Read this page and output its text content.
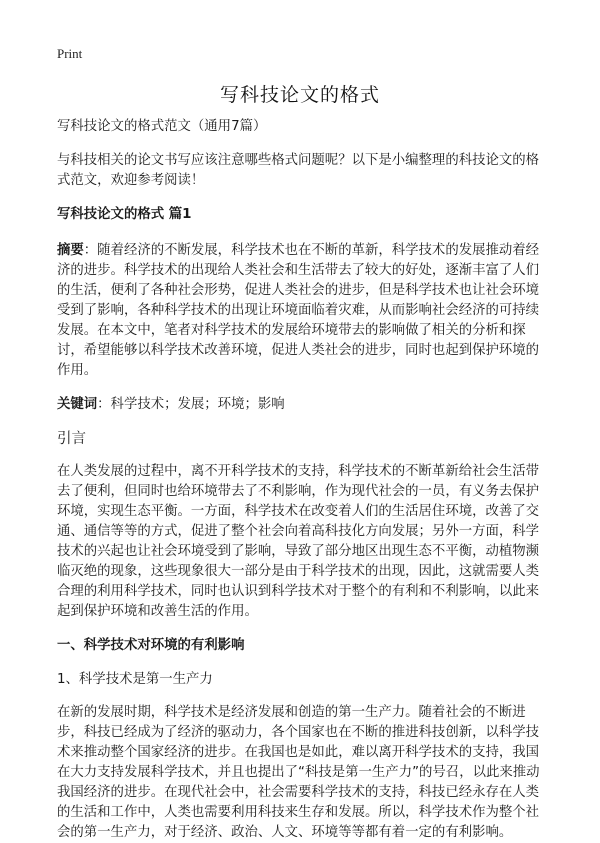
Print
写科技论文的格式

写科技论文的格式范文（通用7篇）

与科技相关的论文书写应该注意哪些格式问题呢？以下是小编整理的科技论文的格式范文，欢迎参考阅读！

写科技论文的格式 篇1

摘要：随着经济的不断发展，科学技术也在不断的革新，科学技术的发展推动着经济的进步。科学技术的出现给人类社会和生活带去了较大的好处，逐渐丰富了人们的生活，便利了各种社会形势，促进人类社会的进步，但是科学技术也让社会环境受到了影响，各种科学技术的出现让环境面临着灾难，从而影响社会经济的可持续发展。在本文中，笔者对科学技术的发展给环境带去的影响做了相关的分析和探讨，希望能够以科学技术改善环境，促进人类社会的进步，同时也起到保护环境的作用。

关键词：科学技术；发展；环境；影响

引言

在人类发展的过程中，离不开科学技术的支持，科学技术的不断革新给社会生活带去了便利，但同时也给环境带去了不利影响，作为现代社会的一员，有义务去保护环境，实现生态平衡。一方面，科学技术在改变着人们的生活居住环境，改善了交通、通信等等的方式，促进了整个社会向着高科技化方向发展；另外一方面，科学技术的兴起也让社会环境受到了影响，导致了部分地区出现生态不平衡，动植物濒临灭绝的现象，这些现象很大一部分是由于科学技术的出现，因此，这就需要人类合理的利用科学技术，同时也认识到科学技术对于整个的有利和不利影响，以此来起到保护环境和改善生活的作用。

一、科学技术对环境的有利影响

1、科学技术是第一生产力

在新的发展时期，科学技术是经济发展和创造的第一生产力。随着社会的不断进步，科技已经成为了经济的驱动力，各个国家也在不断的推进科技创新，以科学技术来推动整个国家经济的进步。在我国也是如此，难以离开科学技术的支持，我国在大力支持发展科学技术，并且也提出了“科技是第一生产力”的号召，以此来推动我国经济的进步。在现代社会中，社会需要科学技术的支持，科技已经永存在人类的生活和工作中，人类也需要利用科技来生存和发展。所以，科学技术作为整个社会的第一生产力，对于经济、政治、人文、环境等等都有着一定的有利影响。
